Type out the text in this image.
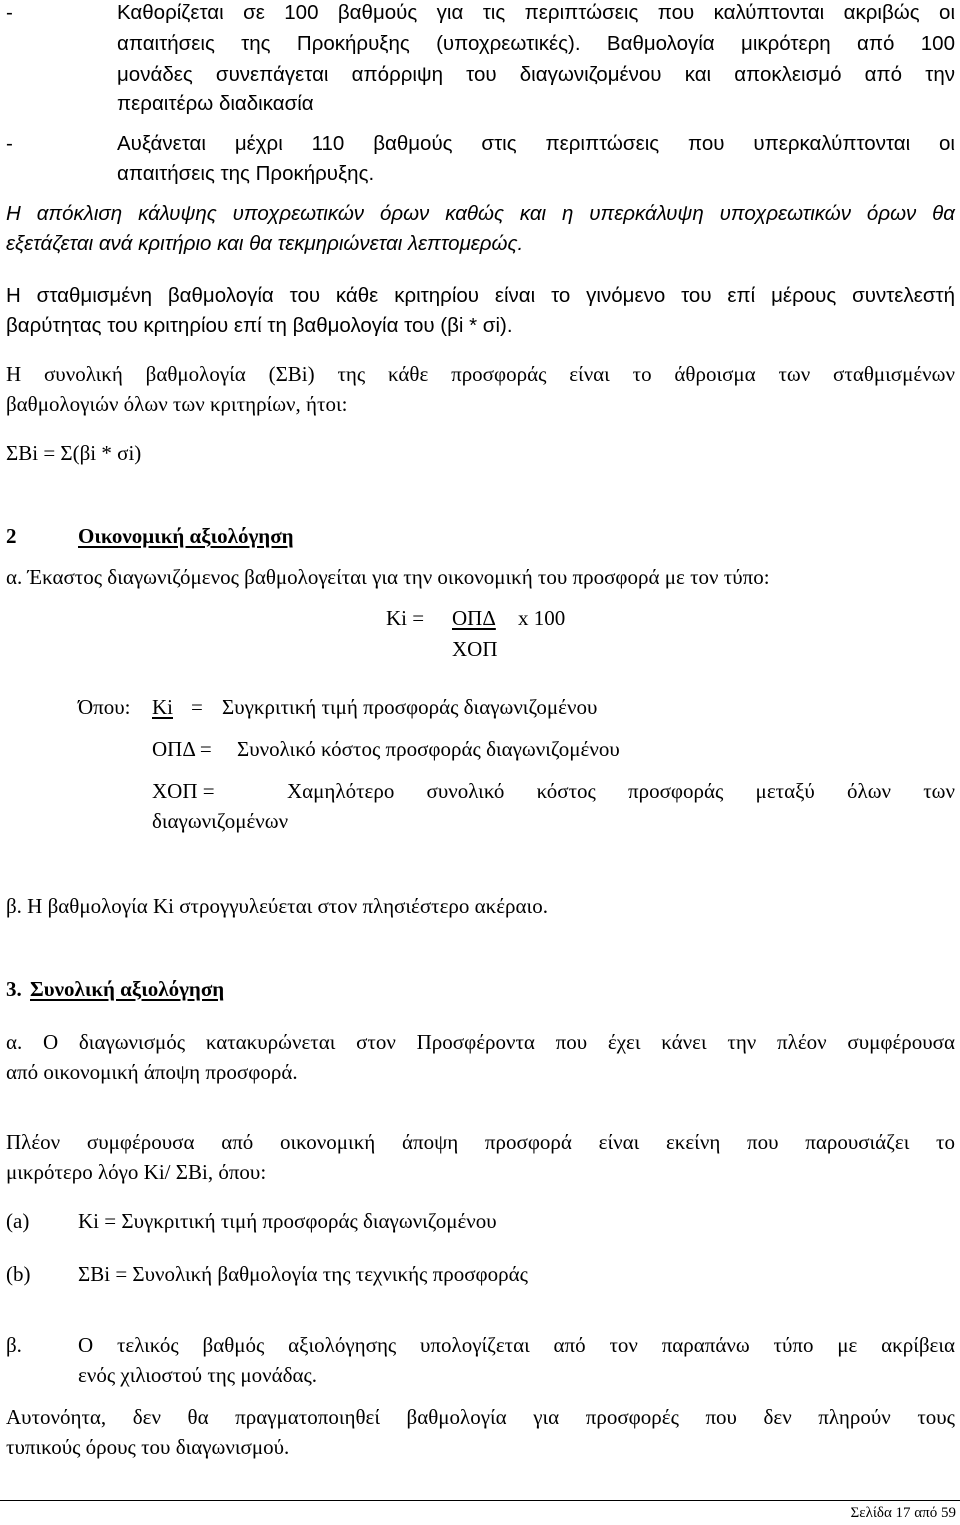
-	Καθορίζεται σε 100 βαθμούς για τις περιπτώσεις που καλύπτονται ακριβώς οι
απαιτήσεις της Προκήρυξης (υποχρεωτικές). Βαθμολογία μικρότερη από 100
μονάδες συνεπάγεται απόρριψη του διαγωνιζομένου και αποκλεισμό από την
περαιτέρω διαδικασία
-	Αυξάνεται μέχρι 110 βαθμούς στις περιπτώσεις που υπερκαλύπτονται οι
απαιτήσεις της Προκήρυξης.
Η απόκλιση κάλυψης υποχρεωτικών όρων καθώς και η υπερκάλυψη υποχρεωτικών όρων θα
εξετάζεται ανά κριτήριο και θα τεκμηριώνεται λεπτομερώς.
Η σταθμισμένη βαθμολογία του κάθε κριτηρίου είναι το γινόμενο του επί μέρους συντελεστή
βαρύτητας του κριτηρίου επί τη βαθμολογία του (βi * σi).
Η συνολική βαθμολογία (ΣΒi) της κάθε προσφοράς είναι το άθροισμα των σταθμισμένων
βαθμολογιών όλων των κριτηρίων, ήτοι:
ΣΒi = Σ(βi * σi)
2	Οικονομική αξιολόγηση
α. Έκαστος διαγωνιζόμενος βαθμολογείται για την οικονομική του προσφορά με τον τύπο:
Κi = ΟΠΔ	x 100
ΧΟΠ
Όπου: Κi = Συγκριτική τιμή προσφοράς διαγωνιζομένου
ΟΠΔ = Συνολικό κόστος προσφοράς διαγωνιζομένου
ΧΟΠ =	Χαμηλότερο συνολικό κόστος προσφοράς μεταξύ όλων των
διαγωνιζομένων
β. Η βαθμολογία Κi στρογγυλεύεται στον πλησιέστερο ακέραιο.
3. Συνολική αξιολόγηση
α. Ο διαγωνισμός κατακυρώνεται στον Προσφέροντα που έχει κάνει την πλέον συμφέρουσα
από οικονομική άποψη προσφορά.
Πλέον συμφέρουσα από οικονομική άποψη προσφορά είναι εκείνη που παρουσιάζει το
μικρότερο λόγο Κi/ ΣΒi, όπου:
(a) Κi = Συγκριτική τιμή προσφοράς διαγωνιζομένου
(b) ΣΒi = Συνολική βαθμολογία της τεχνικής προσφοράς
β.	Ο τελικός βαθμός αξιολόγησης υπολογίζεται από τον παραπάνω τύπο με ακρίβεια
ενός χιλιοστού της μονάδας.
Αυτονόητα, δεν θα πραγματοποιηθεί βαθμολογία για προσφορές που δεν πληρούν τους
τυπικούς όρους του διαγωνισμού.
Σελίδα 17 από 59
